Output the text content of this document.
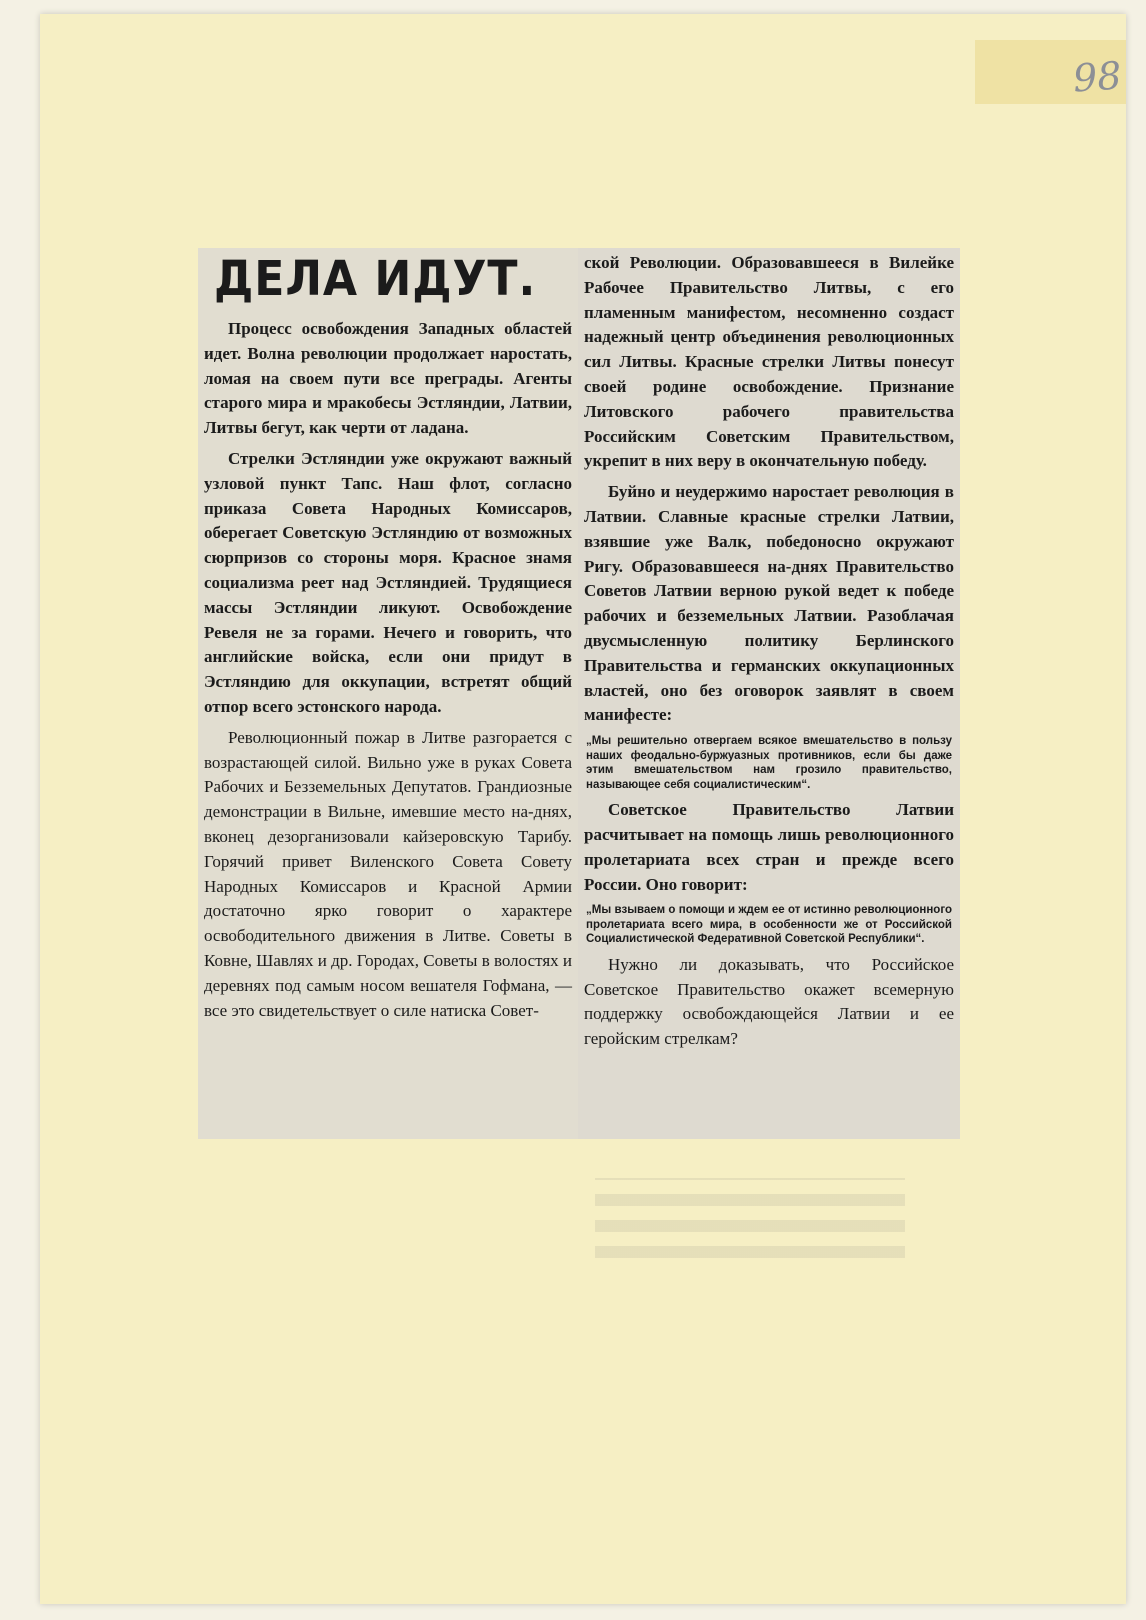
98
ДЕЛА ИДУТ.

Процесс освобождения Западных областей идет. Волна революции продолжает наростать, ломая на своем пути все преграды. Агенты старого мира и мракобесы Эстляндии, Латвии, Литвы бегут, как черти от ладана.

Стрелки Эстляндии уже окружают важный узловой пункт Тапс. Наш флот, согласно приказа Совета Народных Комиссаров, оберегает Советскую Эстляндию от возможных сюрпризов со стороны моря. Красное знамя социализма реет над Эстляндией. Трудящиеся массы Эстляндии ликуют. Освобождение Ревеля не за горами. Нечего и говорить, что английские войска, если они придут в Эстляндию для оккупации, встретят общий отпор всего эстонского народа.

Революционный пожар в Литве разгорается с возрастающей силой. Вильно уже в руках Совета Рабочих и Безземельных Депутатов. Грандиозные демонстрации в Вильне, имевшие место на-днях, вконец дезорганизовали кайзеровскую Тарибу. Горячий привет Виленского Совета Совету Народных Комиссаров и Красной Армии достаточно ярко говорит о характере освободительного движения в Литве. Советы в Ковне, Шавлях и др. Городах, Советы в волостях и деревнях под самым носом вешателя Гофмана, — все это свидетельствует о силе натиска Совет-

ской Революции. Образовавшееся в Вилейке Рабочее Правительство Литвы, с его пламенным манифестом, несомненно создаст надежный центр объединения революционных сил Литвы. Красные стрелки Литвы понесут своей родине освобождение. Признание Литовского рабочего правительства Российским Советским Правительством, укрепит в них веру в окончательную победу.

Буйно и неудержимо наростает революция в Латвии. Славные красные стрелки Латвии, взявшие уже Валк, победоносно окружают Ригу. Образовавшееся на-днях Правительство Советов Латвии верною рукой ведет к победе рабочих и безземельных Латвии. Разоблачая двусмысленную политику Берлинского Правительства и германских оккупационных властей, оно без оговорок заявлят в своем манифесте:

„Мы решительно отвергаем всякое вмешательство в пользу наших феодально-буржуазных противников, если бы даже этим вмешательством нам грозило правительство, называющее себя социалистическим“.

Советское Правительство Латвии расчитывает на помощь лишь революционного пролетариата всех стран и прежде всего России. Оно говорит:

„Мы взываем о помощи и ждем ее от истинно революционного пролетариата всего мира, в особенности же от Российской Социалистической Федеративной Советской Республики“.

Нужно ли доказывать, что Российское Советское Правительство окажет всемерную поддержку освобождающейся Латвии и ее геройским стрелкам?
